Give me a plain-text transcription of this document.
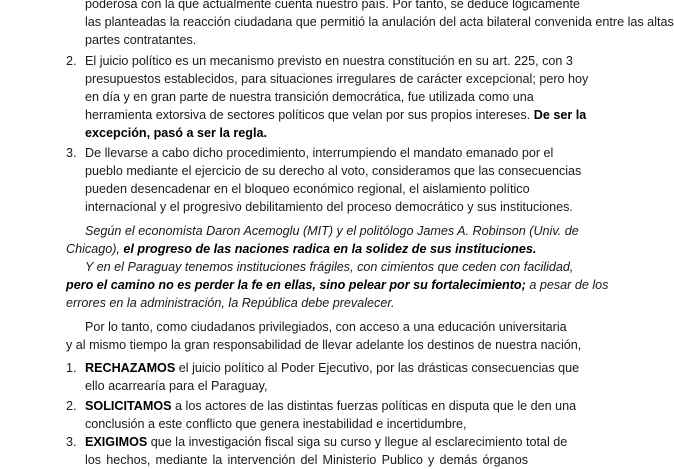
poderosa con la que actualmente cuenta nuestro país. Por tanto, se deduce lógicamente
las planteadas la reacción ciudadana que permitió la anulación del acta bilateral convenida entre las altas
partes contratantes.
2. El juicio político es un mecanismo previsto en nuestra constitución en su art. 225, con 3
presupuestos establecidos, para situaciones irregulares de carácter excepcional; pero hoy
en día y en gran parte de nuestra transición democrática, fue utilizada como una
herramienta extorsiva de sectores políticos que velan por sus propios intereses. De ser la
excepción, pasó a ser la regla.
3. De llevarse a cabo dicho procedimiento, interrumpiendo el mandato emanado por el
pueblo mediante el ejercicio de su derecho al voto, consideramos que las consecuencias
pueden desencadenar en el bloqueo económico regional, el aislamiento político
internacional y el progresivo debilitamiento del proceso democrático y sus instituciones.
Según el economista Daron Acemoglu (MIT) y el politólogo James A. Robinson (Univ. de
Chicago), el progreso de las naciones radica en la solidez de sus instituciones.
Y en el Paraguay tenemos instituciones frágiles, con cimientos que ceden con facilidad,
pero el camino no es perder la fe en ellas, sino pelear por su fortalecimiento; a pesar de los
errores en la administración, la República debe prevalecer.
Por lo tanto, como ciudadanos privilegiados, con acceso a una educación universitaria
y al mismo tiempo la gran responsabilidad de llevar adelante los destinos de nuestra nación,
1. RECHAZAMOS el juicio político al Poder Ejecutivo, por las drásticas consecuencias que
ello acarrearía para el Paraguay,
2. SOLICITAMOS a los actores de las distintas fuerzas políticas en disputa que le den una
conclusión a este conflicto que genera inestabilidad e incertidumbre,
3. EXIGIMOS que la investigación fiscal siga su curso y llegue al esclarecimiento total de
los hechos, mediante la intervención del Ministerio Publico y demás órganos
